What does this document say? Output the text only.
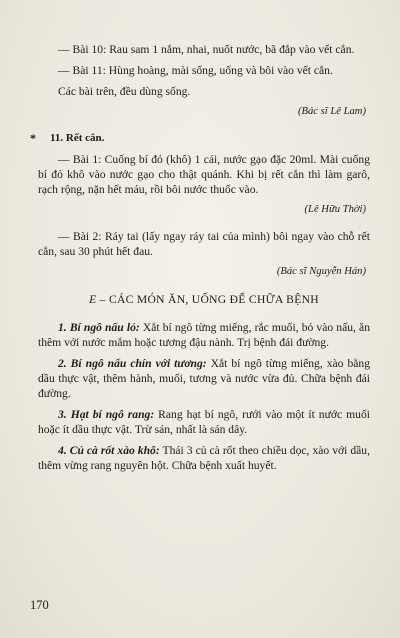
— Bài 10: Rau sam 1 nắm, nhai, nuốt nước, bã đắp vào vết cắn.

— Bài 11: Hùng hoàng, mài sống, uống và bôi vào vết cắn.

Các bài trên, đều dùng sống.

(Bác sĩ Lê Lam)

* 11. Rết cắn.

— Bài 1: Cuống bí đỏ (khô) 1 cái, nước gạo đặc 20ml. Mài cuống bí đỏ khô vào nước gạo cho thật quánh. Khi bị rết cắn thì làm garô, rạch rộng, nặn hết máu, rồi bôi nước thuốc vào.

(Lê Hữu Thời)

— Bài 2: Ráy tai (lấy ngay ráy tai của mình) bôi ngay vào chỗ rết cắn, sau 30 phút hết đau.

(Bác sĩ Nguyễn Hán)

E – CÁC MÓN ĂN, UỐNG ĐỂ CHỮA BỆNH

1. Bí ngô nấu lỏ: Xắt bí ngô từng miếng, rắc muối, bỏ vào nấu, ăn thêm với nước mắm hoặc tương đậu nành. Trị bệnh đái đường.

2. Bí ngô nấu chín với tương: Xắt bí ngô từng miếng, xào bằng dầu thực vật, thêm hành, muối, tương và nước vừa đủ. Chữa bệnh đái đường.

3. Hạt bí ngô rang: Rang hạt bí ngô, rưới vào một ít nước muối hoặc ít dầu thực vật. Trừ sán, nhất là sán dây.

4. Củ cà rốt xào khô: Thái 3 củ cà rốt theo chiều dọc, xào với dầu, thêm vừng rang nguyên hột. Chữa bệnh xuất huyết.

170
